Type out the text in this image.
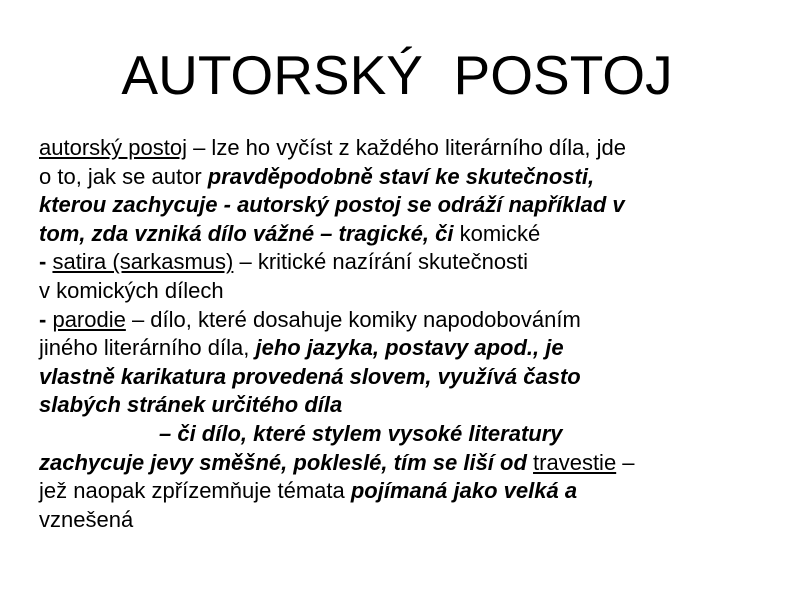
AUTORSKÝ  POSTOJ
autorský postoj – lze ho vyčíst z každého literárního díla, jde
o to, jak se autor pravděpodobně staví ke skutečnosti,
kterou zachycuje - autorský postoj se odráží například v
tom, zda vzniká dílo vážné – tragické, či komické
- satira (sarkasmus) – kritické nazírání skutečnosti
v komických dílech
- parodie – dílo, které dosahuje komiky napodobováním
jiného literárního díla, jeho jazyka, postavy apod., je
vlastně karikatura provedená slovem, využívá často
slabých stránek určitého díla
– či dílo, které stylem vysoké literatury
zachycuje jevy směšné, pokleslé, tím se liší od travestie –
jež naopak zpřízemňuje témata pojímaná jako velká a
vznešená
